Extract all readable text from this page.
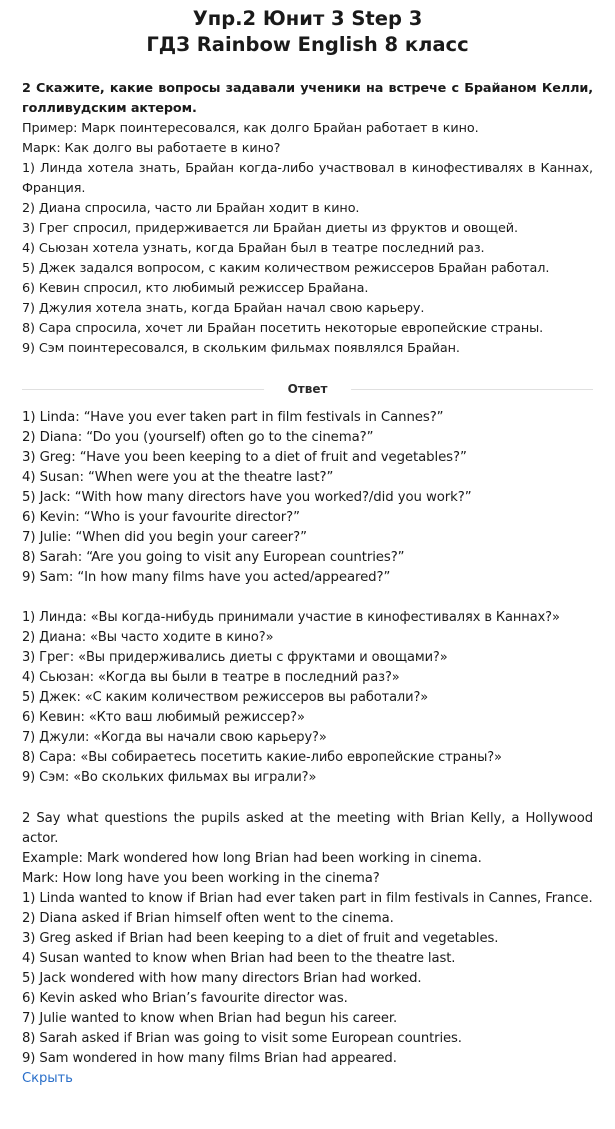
Упр.2 Юнит 3 Step 3
ГДЗ Rainbow English 8 класс
2 Скажите, какие вопросы задавали ученики на встрече с Брайаном Келли, голливудским актером.
Пример: Марк поинтересовался, как долго Брайан работает в кино.
Марк: Как долго вы работаете в кино?
1) Линда хотела знать, Брайан когда-либо участвовал в кинофестивалях в Каннах, Франция.
2) Диана спросила, часто ли Брайан ходит в кино.
3) Грег спросил, придерживается ли Брайан диеты из фруктов и овощей.
4) Сьюзан хотела узнать, когда Брайан был в театре последний раз.
5) Джек задался вопросом, с каким количеством режиссеров Брайан работал.
6) Кевин спросил, кто любимый режиссер Брайана.
7) Джулия хотела знать, когда Брайан начал свою карьеру.
8) Сара спросила, хочет ли Брайан посетить некоторые европейские страны.
9) Сэм поинтересовался, в скольким фильмах появлялся Брайан.
Ответ
1) Linda: “Have you ever taken part in film festivals in Cannes?”
2) Diana: “Do you (yourself) often go to the cinema?”
3) Greg: “Have you been keeping to a diet of fruit and vegetables?”
4) Susan: “When were you at the theatre last?”
5) Jack: “With how many directors have you worked?/did you work?”
6) Kevin: “Who is your favourite director?”
7) Julie: “When did you begin your career?”
8) Sarah: “Are you going to visit any European countries?”
9) Sam: “In how many films have you acted/appeared?”
1) Линда: «Вы когда-нибудь принимали участие в кинофестивалях в Каннах?»
2) Диана: «Вы часто ходите в кино?»
3) Грег: «Вы придерживались диеты с фруктами и овощами?»
4) Сьюзан: «Когда вы были в театре в последний раз?»
5) Джек: «С каким количеством режиссеров вы работали?»
6) Кевин: «Кто ваш любимый режиссер?»
7) Джули: «Когда вы начали свою карьеру?»
8) Сара: «Вы собираетесь посетить какие-либо европейские страны?»
9) Сэм: «Во скольких фильмах вы играли?»
2 Say what questions the pupils asked at the meeting with Brian Kelly, a Hollywood actor.
Example: Mark wondered how long Brian had been working in cinema.
Mark: How long have you been working in the cinema?
1) Linda wanted to know if Brian had ever taken part in film festivals in Cannes, France.
2) Diana asked if Brian himself often went to the cinema.
3) Greg asked if Brian had been keeping to a diet of fruit and vegetables.
4) Susan wanted to know when Brian had been to the theatre last.
5) Jack wondered with how many directors Brian had worked.
6) Kevin asked who Brian’s favourite director was.
7) Julie wanted to know when Brian had begun his career.
8) Sarah asked if Brian was going to visit some European countries.
9) Sam wondered in how many films Brian had appeared.
Скрыть
